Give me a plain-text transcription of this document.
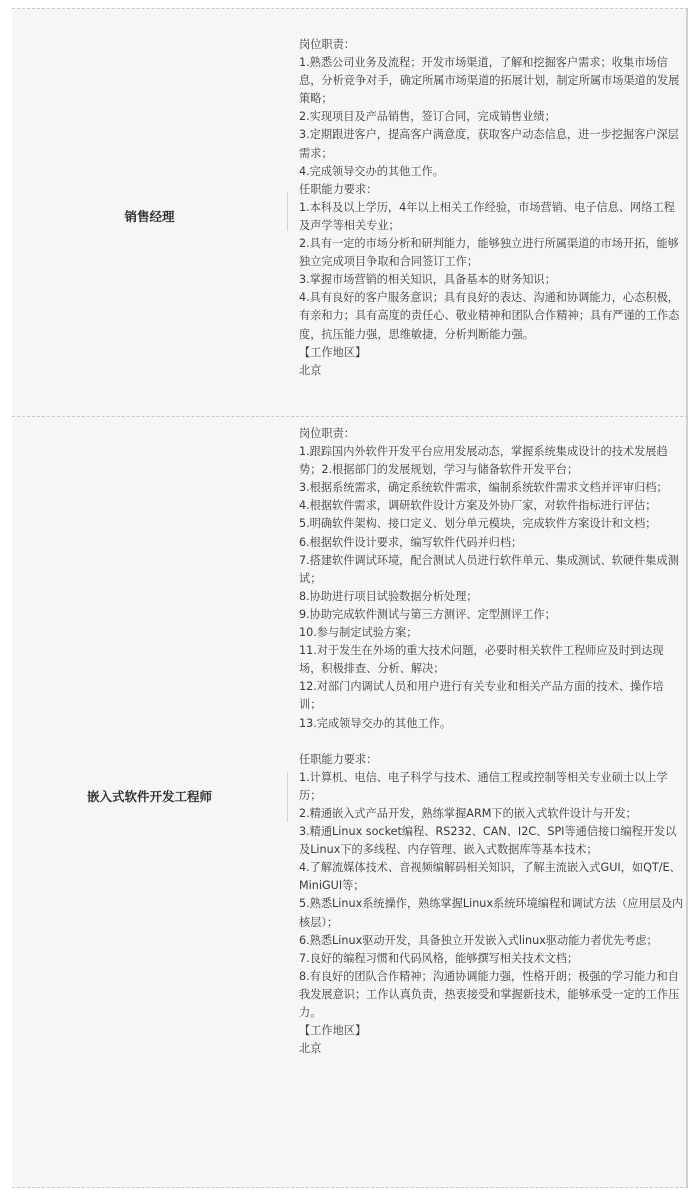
销售经理

岗位职责：

1.熟悉公司业务及流程；开发市场渠道，了解和挖掘客户需求；收集市场信息，分析竞争对手，确定所属市场渠道的拓展计划，制定所属市场渠道的发展策略；

2.实现项目及产品销售，签订合同，完成销售业绩；

3.定期跟进客户，提高客户满意度，获取客户动态信息，进一步挖掘客户深层需求；

4.完成领导交办的其他工作。

任职能力要求：

1.本科及以上学历，4年以上相关工作经验，市场营销、电子信息、网络工程及声学等相关专业；

2.具有一定的市场分析和研判能力，能够独立进行所属渠道的市场开拓，能够独立完成项目争取和合同签订工作；

3.掌握市场营销的相关知识，具备基本的财务知识；

4.具有良好的客户服务意识；具有良好的表达、沟通和协调能力，心态积极，有亲和力；具有高度的责任心、敬业精神和团队合作精神；具有严谨的工作态度，抗压能力强，思维敏捷，分析判断能力强。

【工作地区】

北京

嵌入式软件开发工程师

岗位职责：

1.跟踪国内外软件开发平台应用发展动态，掌握系统集成设计的技术发展趋势；2.根据部门的发展规划，学习与储备软件开发平台；

3.根据系统需求，确定系统软件需求，编制系统软件需求文档并评审归档；

4.根据软件需求，调研软件设计方案及外协厂家，对软件指标进行评估；

5.明确软件架构、接口定义、划分单元模块，完成软件方案设计和文档；

6.根据软件设计要求，编写软件代码并归档；

7.搭建软件调试环境，配合测试人员进行软件单元、集成测试、软硬件集成测试；

8.协助进行项目试验数据分析处理；

9.协助完成软件测试与第三方测评、定型测评工作；

10.参与制定试验方案；

11.对于发生在外场的重大技术问题，必要时相关软件工程师应及时到达现场，积极排查、分析、解决；

12.对部门内调试人员和用户进行有关专业和相关产品方面的技术、操作培训；

13.完成领导交办的其他工作。

任职能力要求：

1.计算机、电信、电子科学与技术、通信工程或控制等相关专业硕士以上学历；

2.精通嵌入式产品开发，熟练掌握ARM下的嵌入式软件设计与开发；

3.精通Linux socket编程、RS232、CAN、I2C、SPI等通信接口编程开发以及Linux下的多线程、内存管理、嵌入式数据库等基本技术；

4.了解流媒体技术、音视频编解码相关知识，了解主流嵌入式GUI，如QT/E、MiniGUI等；

5.熟悉Linux系统操作，熟练掌握Linux系统环境编程和调试方法（应用层及内核层）；

6.熟悉Linux驱动开发，具备独立开发嵌入式linux驱动能力者优先考虑；

7.良好的编程习惯和代码风格，能够撰写相关技术文档；

8.有良好的团队合作精神；沟通协调能力强，性格开朗；极强的学习能力和自我发展意识；工作认真负责，热衷接受和掌握新技术，能够承受一定的工作压力。

【工作地区】

北京
